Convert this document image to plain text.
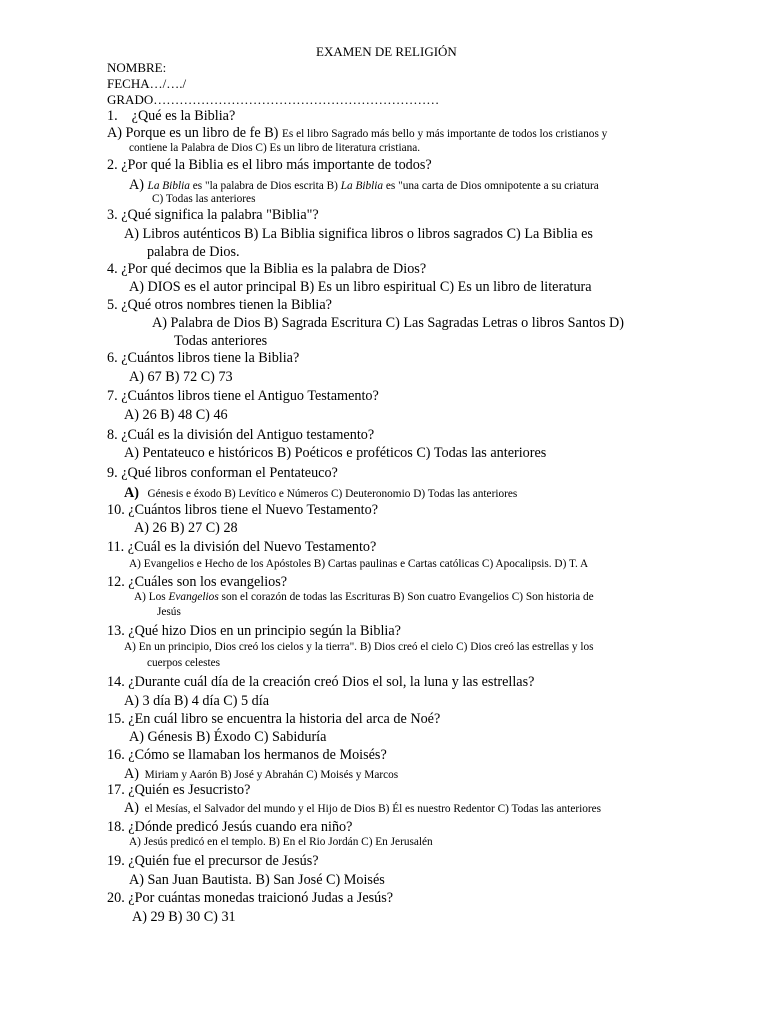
EXAMEN DE RELIGIÓN
NOMBRE:
FECHA…/…./
GRADO…………………………………………………………
1. ¿Qué es la Biblia?
A) Porque es un libro de fe B) Es el libro Sagrado más bello y más importante de todos los cristianos y
contiene la Palabra de Dios C) Es un libro de literatura cristiana.
2. ¿Por qué la Biblia es el libro más importante de todos?
A) La Biblia es "la palabra de Dios escrita B) La Biblia es "una carta de Dios omnipotente a su criatura
C) Todas las anteriores
3. ¿Qué significa la palabra "Biblia"?
A) Libros auténticos B) La Biblia significa libros o libros sagrados C) La Biblia es
palabra de Dios.
4. ¿Por qué decimos que la Biblia es la palabra de Dios?
A) DIOS es el autor principal B) Es un libro espiritual C) Es un libro de literatura
5. ¿Qué otros nombres tienen la Biblia?
A) Palabra de Dios B) Sagrada Escritura C) Las Sagradas Letras o libros Santos D)
Todas anteriores
6. ¿Cuántos libros tiene la Biblia?
A) 67 B) 72 C) 73
7. ¿Cuántos libros tiene el Antiguo Testamento?
A) 26 B) 48 C) 46
8. ¿Cuál es la división del Antiguo testamento?
A) Pentateuco e históricos B) Poéticos e proféticos C) Todas las anteriores
9. ¿Qué libros conforman el Pentateuco?
A) Génesis e éxodo B) Levítico e Números C) Deuteronomio D) Todas las anteriores
10. ¿Cuántos libros tiene el Nuevo Testamento?
A) 26 B) 27 C) 28
11. ¿Cuál es la división del Nuevo Testamento?
A) Evangelios e Hecho de los Apóstoles B) Cartas paulinas e Cartas católicas C) Apocalipsis. D) T. A
12. ¿Cuáles son los evangelios?
A) Los Evangelios son el corazón de todas las Escrituras B) Son cuatro Evangelios C) Son historia de
Jesús
13. ¿Qué hizo Dios en un principio según la Biblia?
A) En un principio, Dios creó los cielos y la tierra". B) Dios creó el cielo C) Dios creó las estrellas y los
cuerpos celestes
14. ¿Durante cuál día de la creación creó Dios el sol, la luna y las estrellas?
A) 3 día B) 4 día C) 5 día
15. ¿En cuál libro se encuentra la historia del arca de Noé?
A) Génesis B) Éxodo C) Sabiduría
16. ¿Cómo se llamaban los hermanos de Moisés?
A) Miriam y Aarón B) José y Abrahán C) Moisés y Marcos
17. ¿Quién es Jesucristo?
A) el Mesías, el Salvador del mundo y el Hijo de Dios B) Él es nuestro Redentor C) Todas las anteriores
18. ¿Dónde predicó Jesús cuando era niño?
A) Jesús predicó en el templo. B) En el Rio Jordán C) En Jerusalén
19. ¿Quién fue el precursor de Jesús?
A) San Juan Bautista. B) San José C) Moisés
20. ¿Por cuántas monedas traicionó Judas a Jesús?
A) 29 B) 30 C) 31
